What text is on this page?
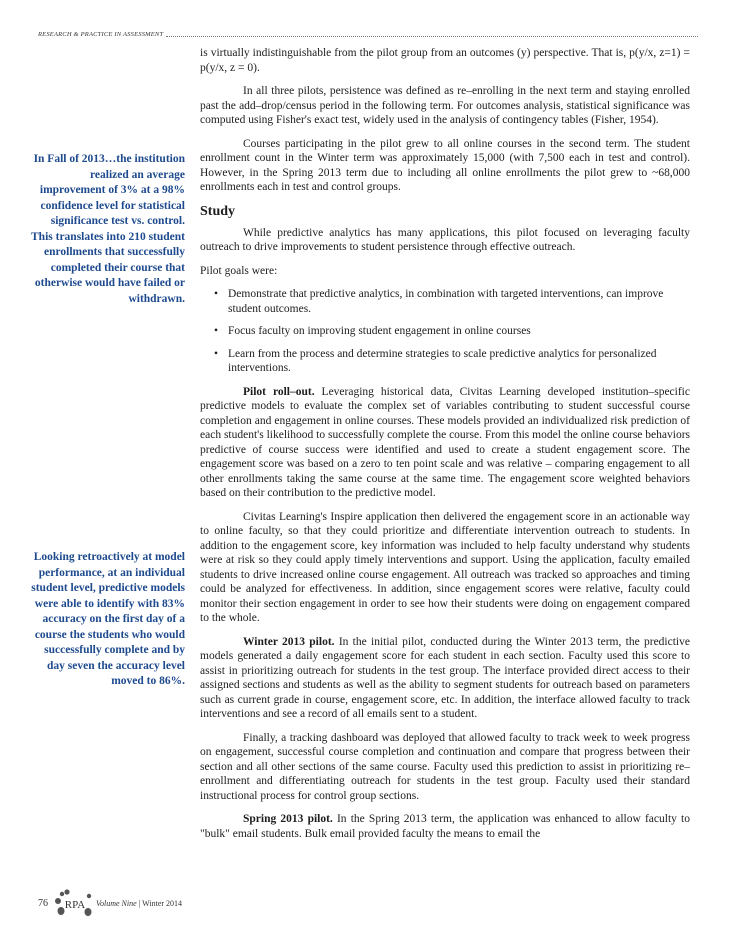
RESEARCH & PRACTICE IN ASSESSMENT
In Fall of 2013…the institution realized an average improvement of 3% at a 98% confidence level for statistical significance test vs. control. This translates into 210 student enrollments that successfully completed their course that otherwise would have failed or withdrawn.
Looking retroactively at model performance, at an individual student level, predictive models were able to identify with 83% accuracy on the first day of a course the students who would successfully complete and by day seven the accuracy level moved to 86%.

is virtually indistinguishable from the pilot group from an outcomes (y) perspective. That is, p(y/x, z=1) = p(y/x, z = 0).

In all three pilots, persistence was defined as re–enrolling in the next term and staying enrolled past the add–drop/census period in the following term. For outcomes analysis, statistical significance was computed using Fisher's exact test, widely used in the analysis of contingency tables (Fisher, 1954).

Courses participating in the pilot grew to all online courses in the second term. The student enrollment count in the Winter term was approximately 15,000 (with 7,500 each in test and control). However, in the Spring 2013 term due to including all online enrollments the pilot grew to ~68,000 enrollments each in test and control groups.

Study

While predictive analytics has many applications, this pilot focused on leveraging faculty outreach to drive improvements to student persistence through effective outreach.

Pilot goals were:

• Demonstrate that predictive analytics, in combination with targeted interventions, can improve student outcomes.
• Focus faculty on improving student engagement in online courses
• Learn from the process and determine strategies to scale predictive analytics for personalized interventions.

Pilot roll–out. Leveraging historical data, Civitas Learning developed institution–specific predictive models to evaluate the complex set of variables contributing to student successful course completion and engagement in online courses. These models provided an individualized risk prediction of each student's likelihood to successfully complete the course. From this model the online course behaviors predictive of course success were identified and used to create a student engagement score. The engagement score was based on a zero to ten point scale and was relative – comparing engagement to all other enrollments taking the same course at the same time. The engagement score weighted behaviors based on their contribution to the predictive model.

Civitas Learning's Inspire application then delivered the engagement score in an actionable way to online faculty, so that they could prioritize and differentiate intervention outreach to students. In addition to the engagement score, key information was included to help faculty understand why students were at risk so they could apply timely interventions and support. Using the application, faculty emailed students to drive increased online course engagement. All outreach was tracked so approaches and timing could be analyzed for effectiveness. In addition, since engagement scores were relative, faculty could monitor their section engagement in order to see how their students were doing on engagement compared to the whole.

Winter 2013 pilot. In the initial pilot, conducted during the Winter 2013 term, the predictive models generated a daily engagement score for each student in each section. Faculty used this score to assist in prioritizing outreach for students in the test group. The interface provided direct access to their assigned sections and students as well as the ability to segment students for outreach based on parameters such as current grade in course, engagement score, etc. In addition, the interface allowed faculty to track interventions and see a record of all emails sent to a student.

Finally, a tracking dashboard was deployed that allowed faculty to track week to week progress on engagement, successful course completion and continuation and compare that progress between their section and all other sections of the same course. Faculty used this prediction to assist in prioritizing re–enrollment and differentiating outreach for students in the test group. Faculty used their standard instructional process for control group sections.

Spring 2013 pilot. In the Spring 2013 term, the application was enhanced to allow faculty to "bulk" email students. Bulk email provided faculty the means to email the

76 RPA Volume Nine | Winter 2014
